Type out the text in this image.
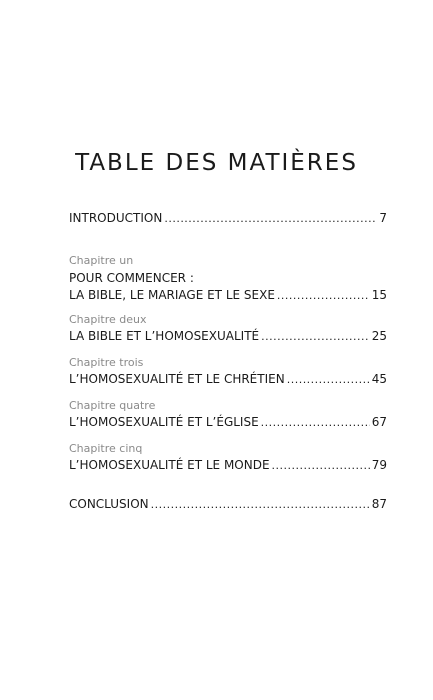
TABLE DES MATIÈRES
INTRODUCTION .....	7
Chapitre un
POUR COMMENCER :
LA BIBLE, LE MARIAGE ET LE SEXE .....	15
Chapitre deux
LA BIBLE ET L’HOMOSEXUALITÉ .....	25
Chapitre trois
L’HOMOSEXUALITÉ ET LE CHRÉTIEN .....	45
Chapitre quatre
L’HOMOSEXUALITÉ ET L’ÉGLISE .....	67
Chapitre cinq
L’HOMOSEXUALITÉ ET LE MONDE .....	79
CONCLUSION .....	87
